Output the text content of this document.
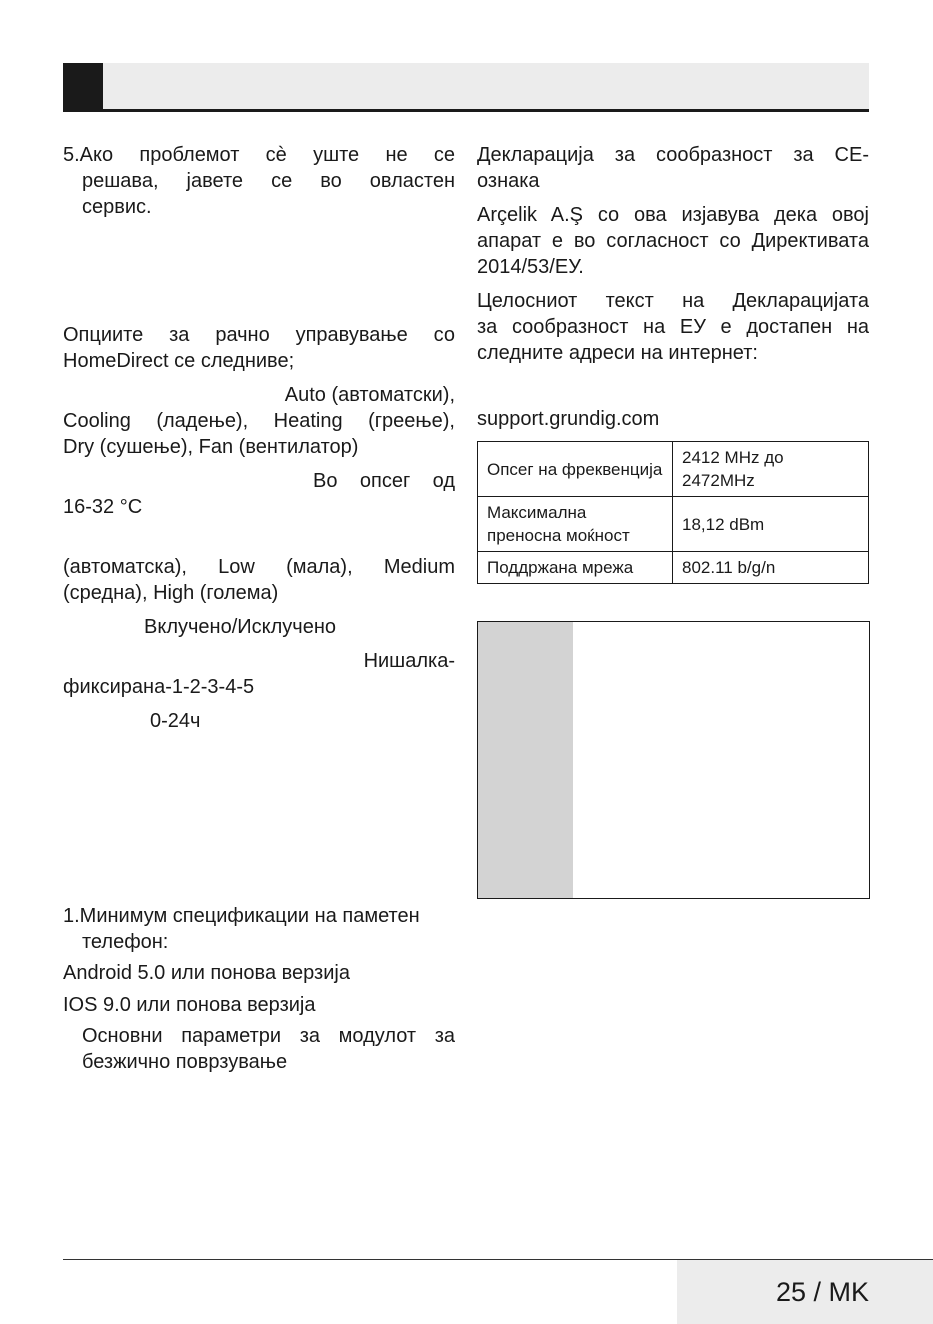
5.Ако проблемот сè уште не се
решава, јавете се во овластен
сервис.
Опциите за рачно управување со
HomeDirect се следниве;
Auto (автоматски),
Cooling (ладење), Heating (греење),
Dry (сушење), Fan (вентилатор)
Во опсег од
16-32 °C
(автоматска), Low (мала), Medium
(средна), High (голема)
Вклучено/Исклучено
Нишалка-
фиксирана-1-2-3-4-5
0-24ч
1.Минимум спецификации на паметен
телефон:
Android 5.0 или понова верзија
IOS 9.0 или понова верзија
Основни параметри за модулот за
безжично поврзување
Декларација за сообразност за CE-
ознака
Arçelik A.Ş со ова изјавува дека овој
апарат е во согласност со Директивата
2014/53/ЕУ.
Целосниот текст на Декларацијата
за сообразност на ЕУ е достапен на
следните адреси на интернет:
support.grundig.com
Опсег на фреквенција	2412 MHz до 2472MHz
Максимална преносна моќност	18,12 dBm
Поддржана мрежа	802.11 b/g/n
25 / MK
